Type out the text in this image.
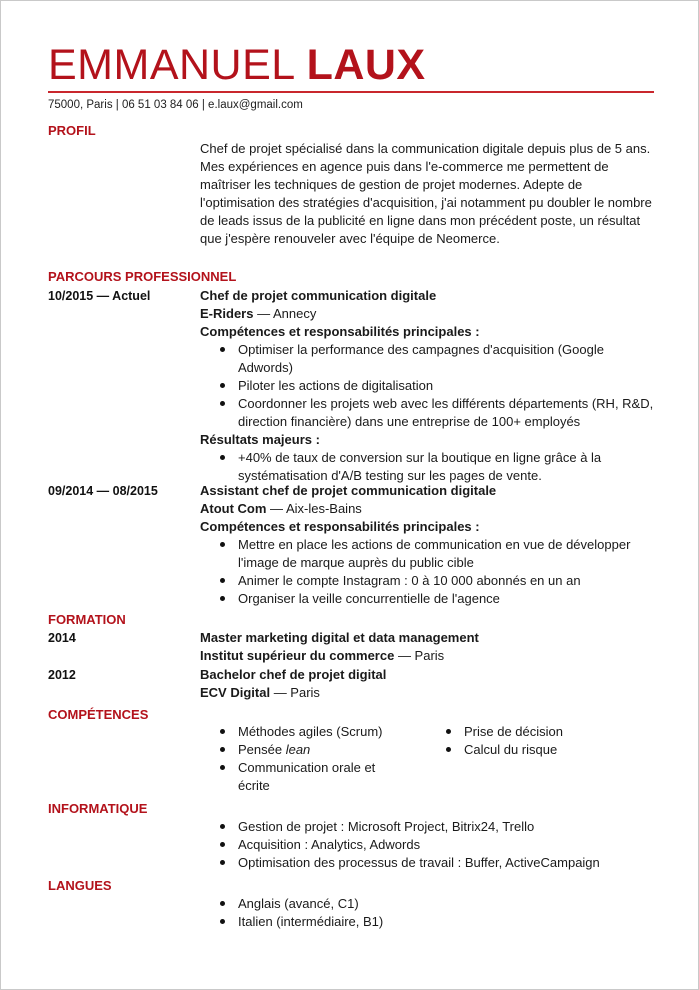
EMMANUEL LAUX
75000, Paris | 06 51 03 84 06 | e.laux@gmail.com
PROFIL
Chef de projet spécialisé dans la communication digitale depuis plus de 5 ans. Mes expériences en agence puis dans l'e-commerce me permettent de maîtriser les techniques de gestion de projet modernes. Adepte de l'optimisation des stratégies d'acquisition, j'ai notamment pu doubler le nombre de leads issus de la publicité en ligne dans mon précédent poste, un résultat que j'espère renouveler avec l'équipe de Neomerce.
PARCOURS PROFESSIONNEL
10/2015 — Actuel	Chef de projet communication digitale
E-Riders — Annecy
Compétences et responsabilités principales :
Optimiser la performance des campagnes d'acquisition (Google Adwords)
Piloter les actions de digitalisation
Coordonner les projets web avec les différents départements (RH, R&D, direction financière) dans une entreprise de 100+ employés
Résultats majeurs :
+40% de taux de conversion sur la boutique en ligne grâce à la systématisation d'A/B testing sur les pages de vente.
09/2014 — 08/2015	Assistant chef de projet communication digitale
Atout Com — Aix-les-Bains
Compétences et responsabilités principales :
Mettre en place les actions de communication en vue de développer l'image de marque auprès du public cible
Animer le compte Instagram : 0 à 10 000 abonnés en un an
Organiser la veille concurrentielle de l'agence
FORMATION
2014	Master marketing digital et data management
Institut supérieur du commerce — Paris
2012	Bachelor chef de projet digital
ECV Digital — Paris
COMPÉTENCES
Méthodes agiles (Scrum)
Pensée lean
Communication orale et écrite
Prise de décision
Calcul du risque
INFORMATIQUE
Gestion de projet : Microsoft Project, Bitrix24, Trello
Acquisition : Analytics, Adwords
Optimisation des processus de travail : Buffer, ActiveCampaign
LANGUES
Anglais (avancé, C1)
Italien (intermédiaire, B1)
